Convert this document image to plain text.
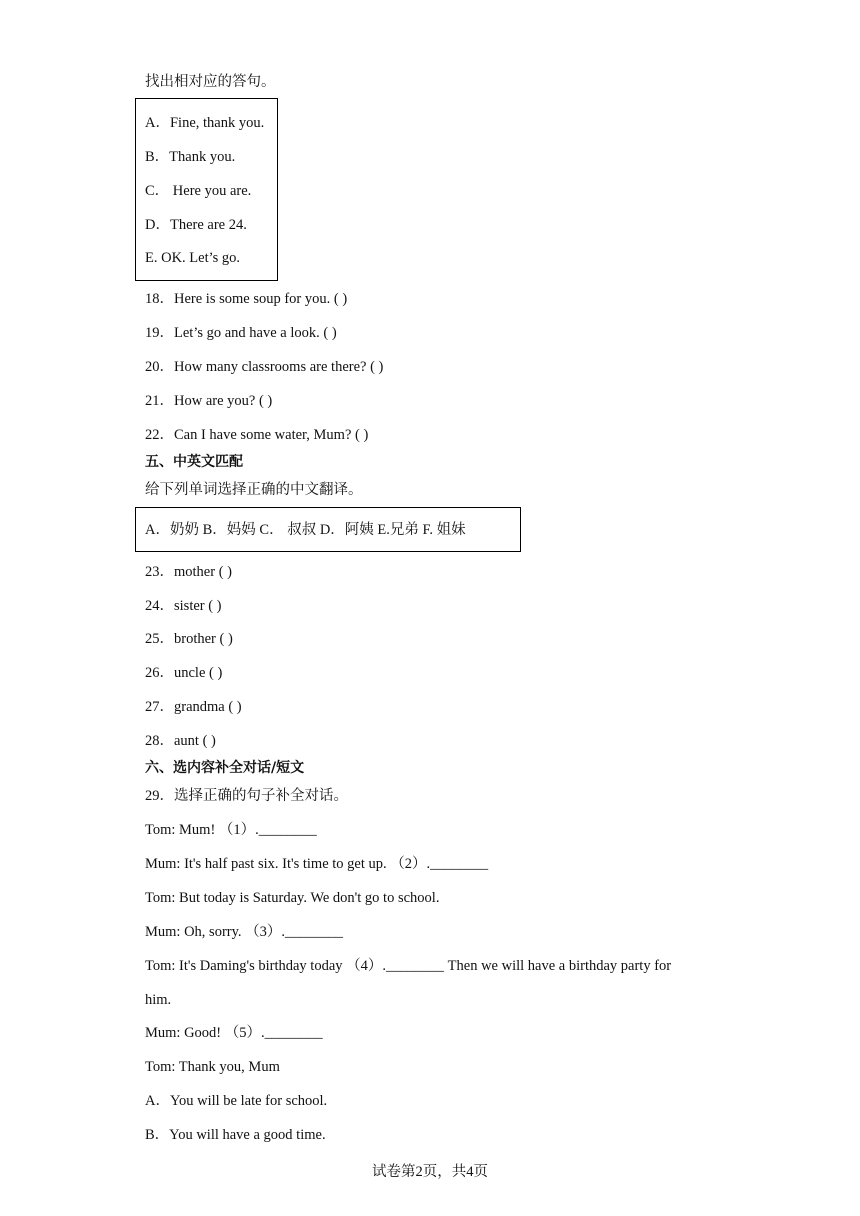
找出相对应的答句。
A．Fine, thank you.
B．Thank you.
C． Here you are.
D．There are 24.
E. OK. Let’s go.
18．Here is some soup for you. ( )
19．Let’s go and have a look. ( )
20．How many classrooms are there? ( )
21．How are you? ( )
22．Can I have some water, Mum? ( )
五、中英文匹配
给下列单词选择正确的中文翻译。
A．奶奶 B．妈妈 C． 叔叔 D．阿姨 E.兄弟 F. 姐妹
23．mother ( )
24．sister ( )
25．brother ( )
26．uncle ( )
27．grandma ( )
28．aunt ( )
六、选内容补全对话/短文
29．选择正确的句子补全对话。
Tom: Mum! （1）.________
Mum: It's half past six. It's time to get up. （2）.________
Tom: But today is Saturday. We don't go to school.
Mum: Oh, sorry. （3）.________
Tom: It's Daming's birthday today （4）.________ Then we will have a birthday party for
him.
Mum: Good! （5）.________
Tom: Thank you, Mum
A．You will be late for school.
B．You will have a good time.
试卷第2页，共4页
